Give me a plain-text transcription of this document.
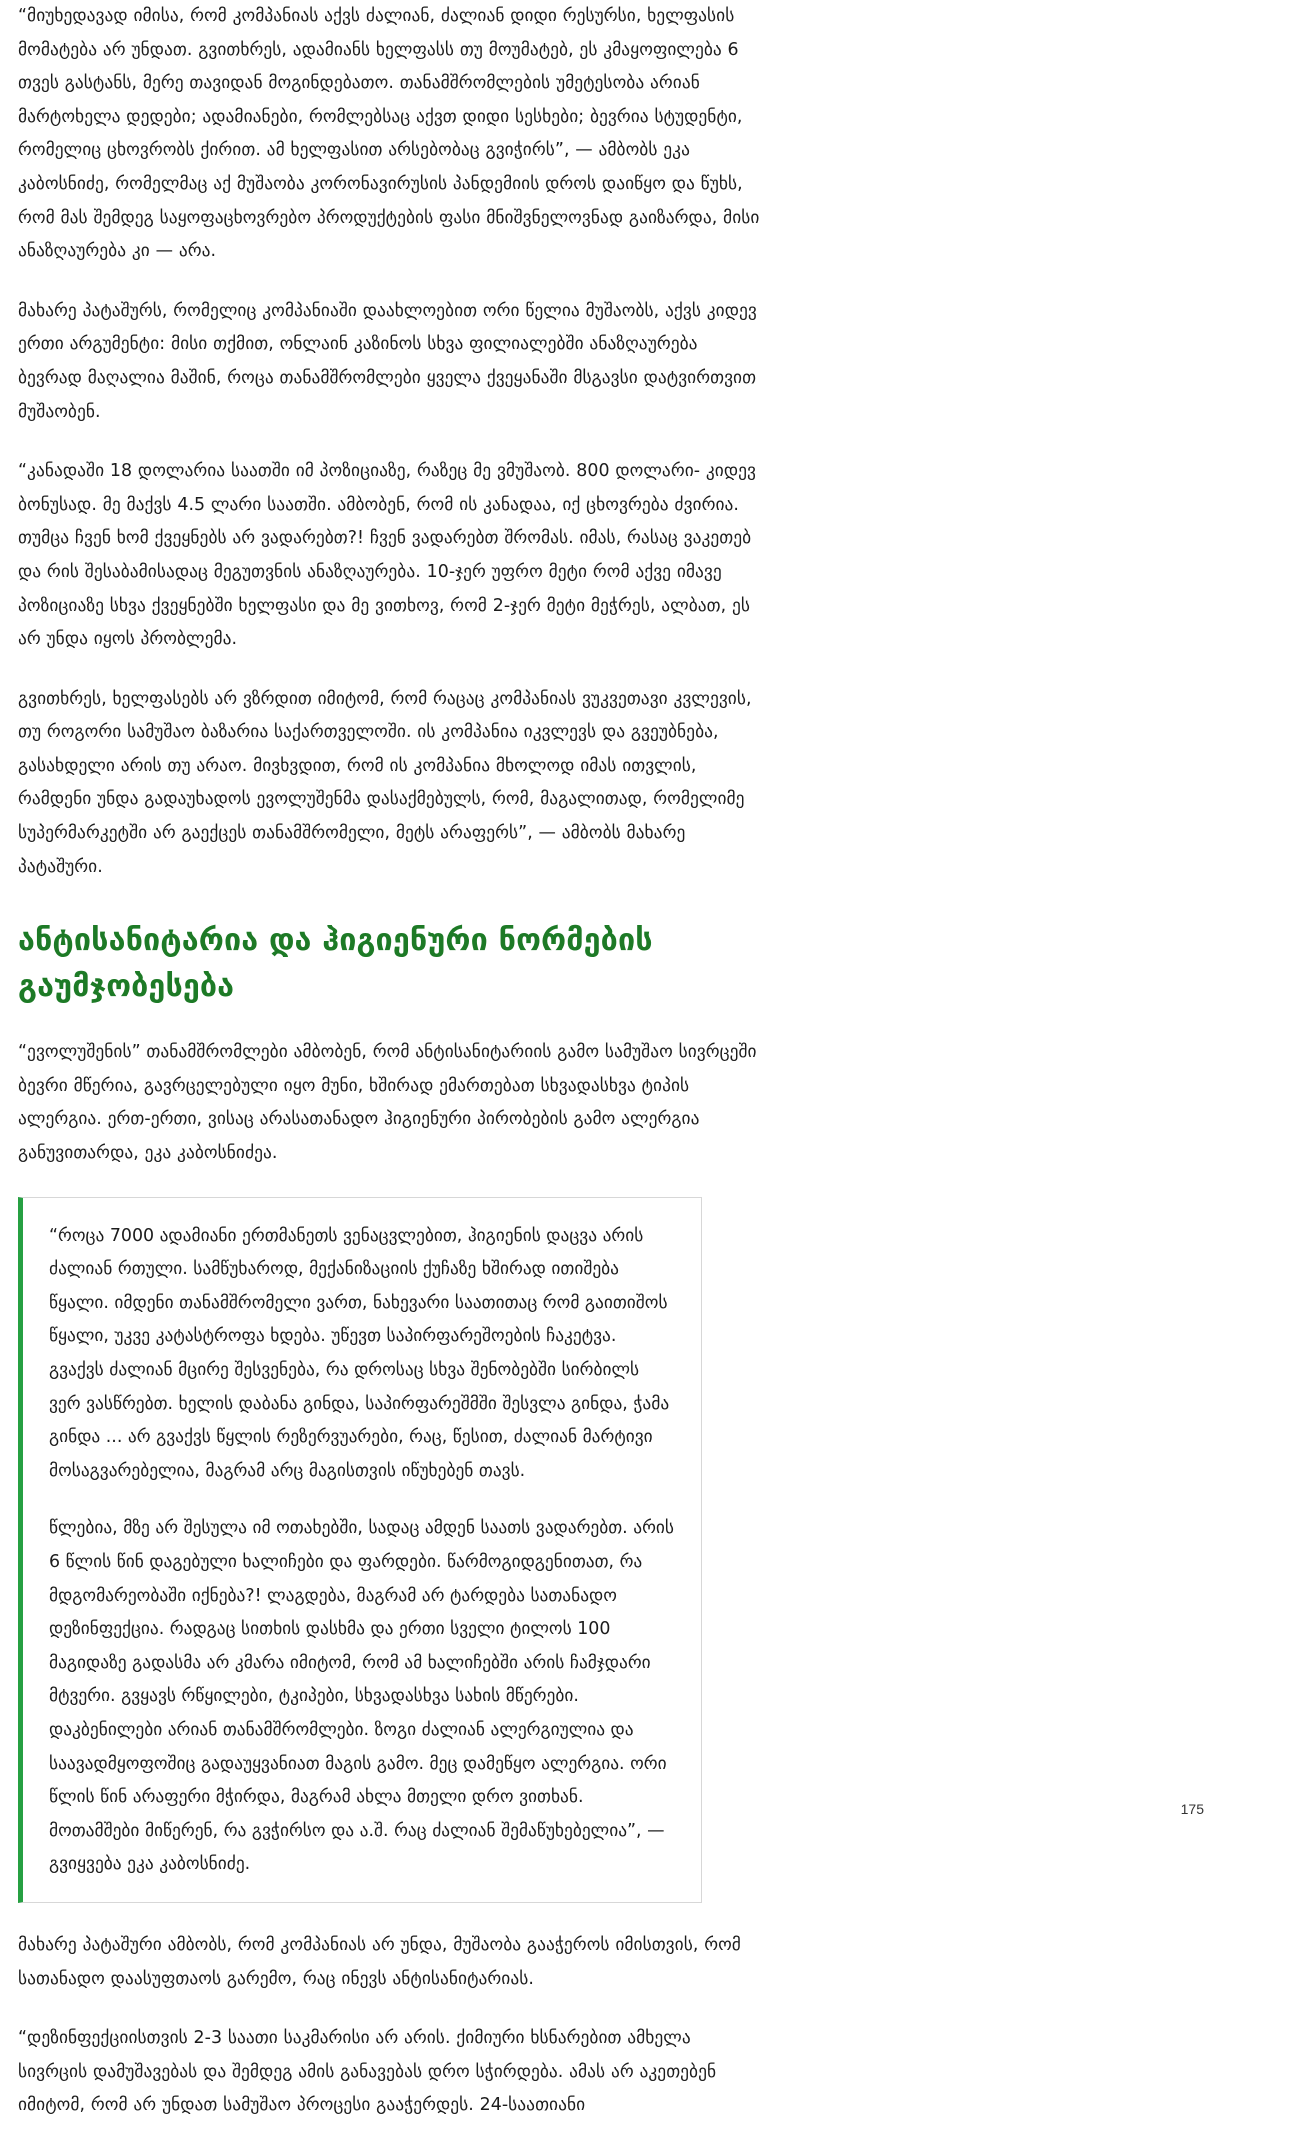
“მიუხედავად იმისა, რომ კომპანიას აქვს ძალიან, ძალიან დიდი რესურსი, ხელფასის მომატება არ უნდათ. გვითხრეს, ადამიანს ხელფასს თუ მოუმატებ, ეს კმაყოფილება 6 თვეს გასტანს, მერე თავიდან მოგინდებათო. თანამშრომლების უმეტესობა არიან მარტოხელა დედები; ადამიანები, რომლებსაც აქვთ დიდი სესხები; ბევრია სტუდენტი, რომელიც ცხოვრობს ქირით. ამ ხელფასით არსებობაც გვიჭირს”, — ამბობს ეკა კაბოსნიძე, რომელმაც აქ მუშაობა კორონავირუსის პანდემიის დროს დაიწყო და წუხს, რომ მას შემდეგ საყოფაცხოვრებო პროდუქტების ფასი მნიშვნელოვნად გაიზარდა, მისი ანაზღაურება კი — არა.

მახარე პატაშურს, რომელიც კომპანიაში დაახლოებით ორი წელია მუშაობს, აქვს კიდევ ერთი არგუმენტი: მისი თქმით, ონლაინ კაზინოს სხვა ფილიალებში ანაზღაურება ბევრად მაღალია მაშინ, როცა თანამშრომლები ყველა ქვეყანაში მსგავსი დატვირთვით მუშაობენ.

“კანადაში 18 დოლარია საათში იმ პოზიციაზე, რაზეც მე ვმუშაობ. 800 დოლარი- კიდევ ბონუსად. მე მაქვს 4.5 ლარი საათში. ამბობენ, რომ ის კანადაა, იქ ცხოვრება ძვირია. თუმცა ჩვენ ხომ ქვეყნებს არ ვადარებთ?! ჩვენ ვადარებთ შრომას. იმას, რასაც ვაკეთებ და რის შესაბამისადაც მეგუთვნის ანაზღაურება. 10-ჯერ უფრო მეტი რომ აქვე იმავე პოზიციაზე სხვა ქვეყნებში ხელფასი და მე ვითხოვ, რომ 2-ჯერ მეტი მეჭრეს, ალბათ, ეს არ უნდა იყოს პრობლემა.

გვითხრეს, ხელფასებს არ ვზრდით იმიტომ, რომ რაცაც კომპანიას ვუკვეთავი კვლევის, თუ როგორი სამუშაო ბაზარია საქართველოში. ის კომპანია იკვლევს და გვეუბნება, გასახდელი არის თუ არაო. მივხვდით, რომ ის კომპანია მხოლოდ იმას ითვლის, რამდენი უნდა გადაუხადოს ევოლუშენმა დასაქმებულს, რომ, მაგალითად, რომელიმე სუპერმარკეტში არ გაექცეს თანამშრომელი, მეტს არაფერს”, — ამბობს მახარე პატაშური.

ანტისანიტარია და ჰიგიენური ნორმების გაუმჯობესება

“ევოლუშენის” თანამშრომლები ამბობენ, რომ ანტისანიტარიის გამო სამუშაო სივრცეში ბევრი მწერია, გავრცელებული იყო მუნი, ხშირად ემართებათ სხვადასხვა ტიპის ალერგია. ერთ-ერთი, ვისაც არასათანადო ჰიგიენური პირობების გამო ალერგია განუვითარდა, ეკა კაბოსნიძეა.

“როცა 7000 ადამიანი ერთმანეთს ვენაცვლებით, ჰიგიენის დაცვა არის ძალიან რთული. სამწუხაროდ, მექანიზაციის ქუჩაზე ხშირად ითიშება წყალი. იმდენი თანამშრომელი ვართ, ნახევარი საათითაც რომ გაითიშოს წყალი, უკვე კატასტროფა ხდება. უწევთ საპირფარეშოების ჩაკეტვა. გვაქვს ძალიან მცირე შესვენება, რა დროსაც სხვა შენობებში სირბილს ვერ ვასწრებთ. ხელის დაბანა გინდა, საპირფარეშმში შესვლა გინდა, ჭამა გინდა ... არ გვაქვს წყლის რეზერვუარები, რაც, წესით, ძალიან მარტივი მოსაგვარებელია, მაგრამ არც მაგისთვის იწუხებენ თავს.

წლებია, მზე არ შესულა იმ ოთახებში, სადაც ამდენ საათს ვადარებთ. არის 6 წლის წინ დაგებული ხალიჩები და ფარდები. წარმოგიდგენითათ, რა მდგომარეობაში იქნება?! ლაგდება, მაგრამ არ ტარდება სათანადო დეზინფექცია. რადგაც სითხის დასხმა და ერთი სველი ტილოს 100 მაგიდაზე გადასმა არ კმარა იმიტომ, რომ ამ ხალიჩებში არის ჩამჯდარი მტვერი. გვყავს რწყილები, ტკიპები, სხვადასხვა სახის მწერები. დაკბენილები არიან თანამშრომლები. ზოგი ძალიან ალერგიულია და საავადმყოფოშიც გადაუყვანიათ მაგის გამო. მეც დამეწყო ალერგია. ორი წლის წინ არაფერი მჭირდა, მაგრამ ახლა მთელი დრო ვითხან. მოთამშები მიწერენ, რა გვჭირსო და ა.შ. რაც ძალიან შემაწუხებელია”, — გვიყვება ეკა კაბოსნიძე.

მახარე პატაშური ამბობს, რომ კომპანიას არ უნდა, მუშაობა გააჭეროს იმისთვის, რომ სათანადო დაასუფთაოს გარემო, რაც ინევს ანტისანიტარიას.

“დეზინფექციისთვის 2-3 საათი საკმარისი არ არის. ქიმიური ხსნარებით ამხელა სივრცის დამუშავებას და შემდეგ ამის განავებას დრო სჭირდება. ამას არ აკეთებენ იმიტომ, რომ არ უნდათ სამუშაო პროცესი გააჭერდეს. 24-საათიანი

175
